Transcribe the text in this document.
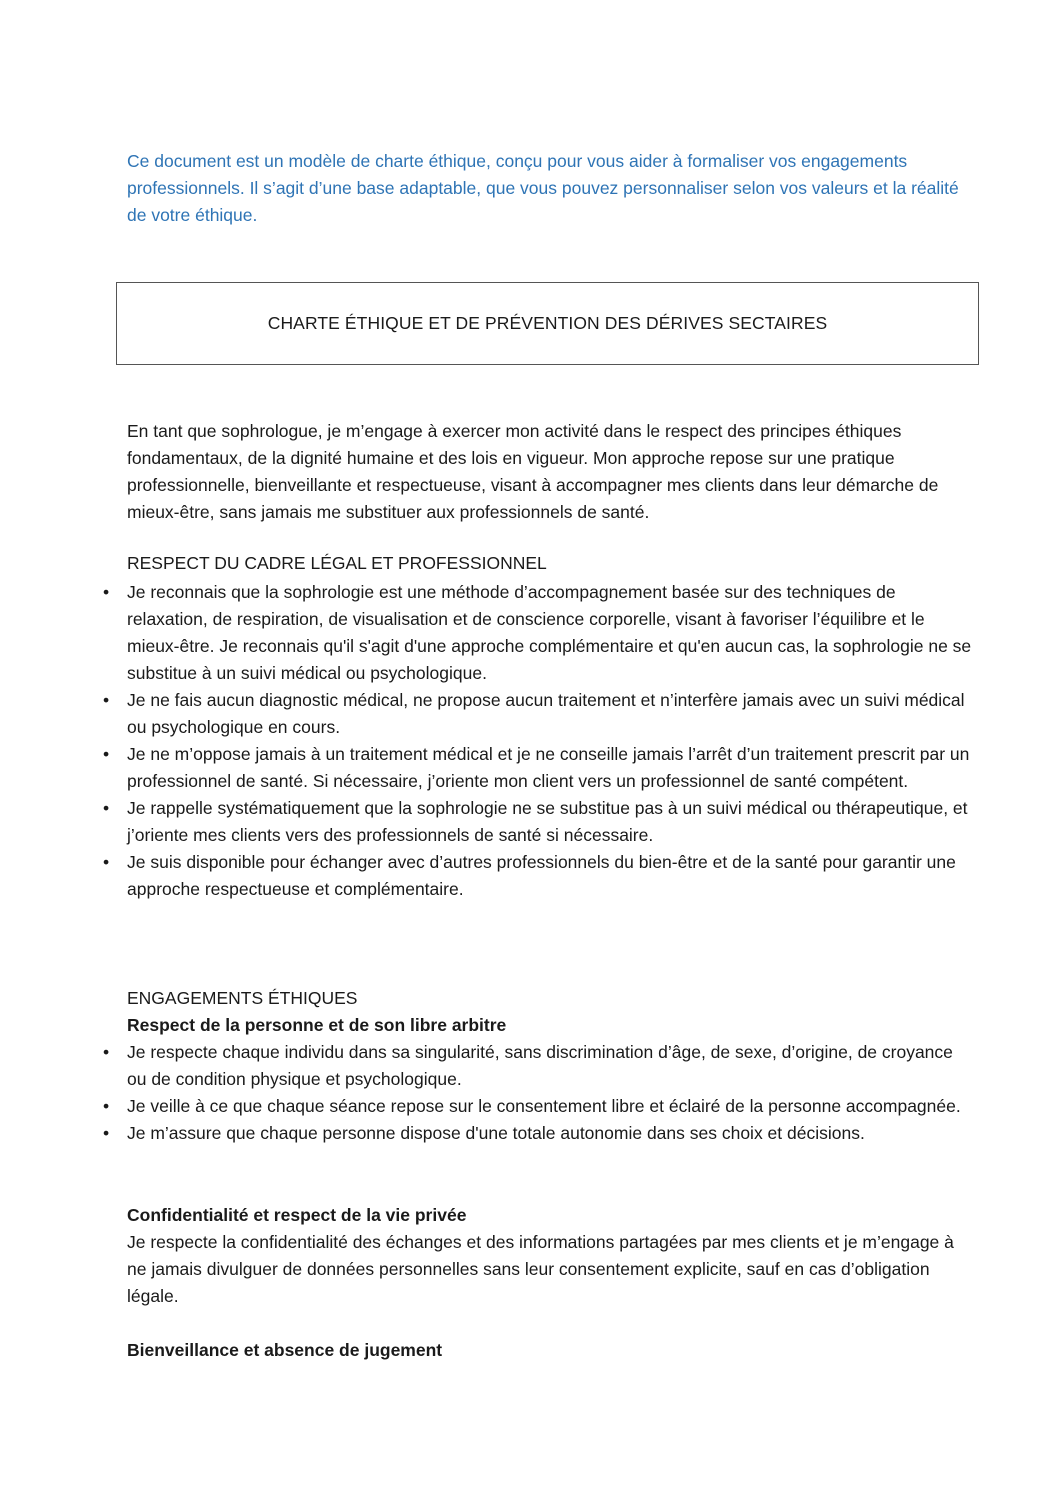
Ce document est un modèle de charte éthique, conçu pour vous aider à formaliser vos engagements professionnels. Il s’agit d’une base adaptable, que vous pouvez personnaliser selon vos valeurs et la réalité de votre éthique.

CHARTE ÉTHIQUE ET DE PRÉVENTION DES DÉRIVES SECTAIRES

En tant que sophrologue, je m’engage à exercer mon activité dans le respect des principes éthiques fondamentaux, de la dignité humaine et des lois en vigueur. Mon approche repose sur une pratique professionnelle, bienveillante et respectueuse, visant à accompagner mes clients dans leur démarche de mieux-être, sans jamais me substituer aux professionnels de santé.

RESPECT DU CADRE LÉGAL ET PROFESSIONNEL
• Je reconnais que la sophrologie est une méthode d’accompagnement basée sur des techniques de relaxation, de respiration, de visualisation et de conscience corporelle, visant à favoriser l’équilibre et le mieux-être. Je reconnais qu'il s'agit d'une approche complémentaire et qu'en aucun cas, la sophrologie ne se substitue à un suivi médical ou psychologique.
• Je ne fais aucun diagnostic médical, ne propose aucun traitement et n’interfère jamais avec un suivi médical ou psychologique en cours.
• Je ne m’oppose jamais à un traitement médical et je ne conseille jamais l’arrêt d’un traitement prescrit par un professionnel de santé. Si nécessaire, j’oriente mon client vers un professionnel de santé compétent.
• Je rappelle systématiquement que la sophrologie ne se substitue pas à un suivi médical ou thérapeutique, et j’oriente mes clients vers des professionnels de santé si nécessaire.
• Je suis disponible pour échanger avec d’autres professionnels du bien-être et de la santé pour garantir une approche respectueuse et complémentaire.
ENGAGEMENTS ÉTHIQUES
Respect de la personne et de son libre arbitre
• Je respecte chaque individu dans sa singularité, sans discrimination d’âge, de sexe, d’origine, de croyance ou de condition physique et psychologique.
• Je veille à ce que chaque séance repose sur le consentement libre et éclairé de la personne accompagnée.
• Je m’assure que chaque personne dispose d'une totale autonomie dans ses choix et décisions.
Confidentialité et respect de la vie privée

Je respecte la confidentialité des échanges et des informations partagées par mes clients et je m’engage à ne jamais divulguer de données personnelles sans leur consentement explicite, sauf en cas d’obligation légale.

Bienveillance et absence de jugement
